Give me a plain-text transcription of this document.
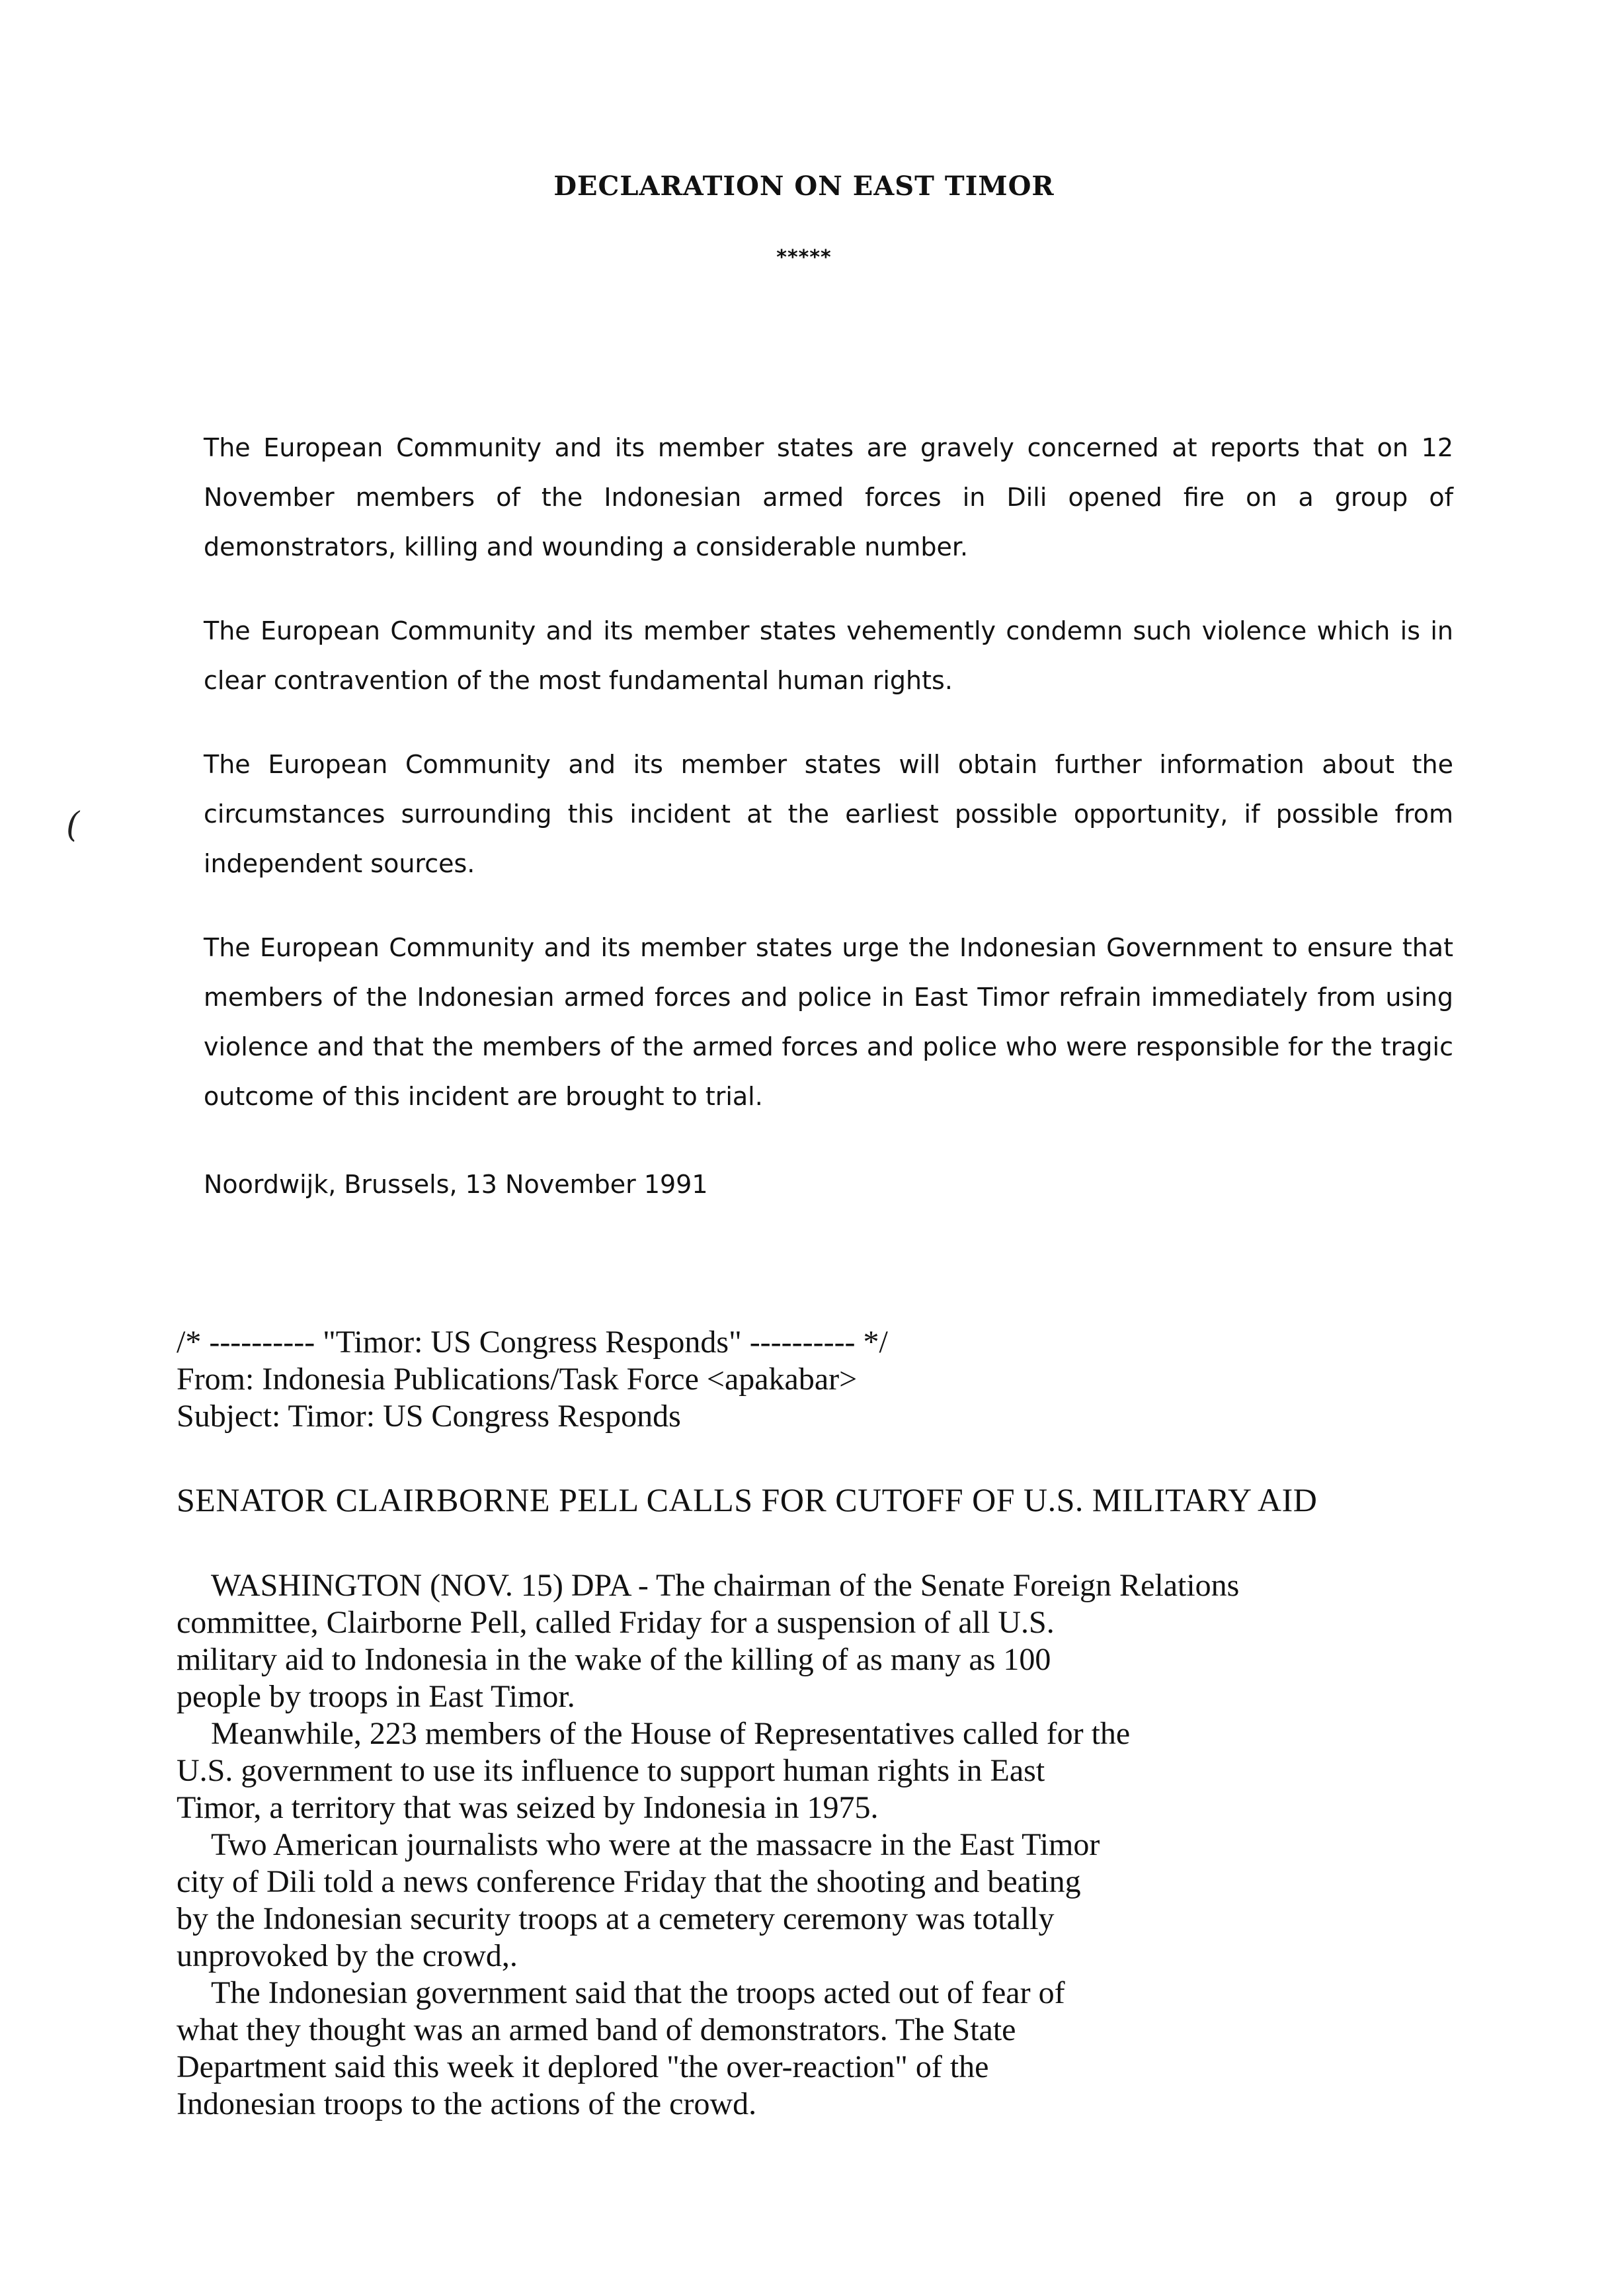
DECLARATION ON EAST TIMOR
*****

The European Community and its member states are gravely concerned at reports that on 12 November members of the Indonesian armed forces in Dili opened fire on a group of demonstrators, killing and wounding a considerable number.

The European Community and its member states vehemently condemn such violence which is in clear contravention of the most fundamental human rights.

The European Community and its member states will obtain further information about the circumstances surrounding this incident at the earliest possible opportunity, if possible from independent sources.

The European Community and its member states urge the Indonesian Government to ensure that members of the Indonesian armed forces and police in East Timor refrain immediately from using violence and that the members of the armed forces and police who were responsible for the tragic outcome of this incident are brought to trial.

Noordwijk, Brussels, 13 November 1991

(

/* ---------- "Timor: US Congress Responds" ---------- */

From: Indonesia Publications/Task Force <apakabar>

Subject: Timor: US Congress Responds

SENATOR CLAIRBORNE PELL CALLS FOR CUTOFF OF U.S. MILITARY AID

WASHINGTON (NOV. 15) DPA - The chairman of the Senate Foreign Relations
committee, Clairborne Pell, called Friday for a suspension of all U.S.
military aid to Indonesia in the wake of the killing of as many as 100
people by troops in East Timor.

Meanwhile, 223 members of the House of Representatives called for the
U.S. government to use its influence to support human rights in East
Timor, a territory that was seized by Indonesia in 1975.

Two American journalists who were at the massacre in the East Timor
city of Dili told a news conference Friday that the shooting and beating
by the Indonesian security troops at a cemetery ceremony was totally
unprovoked by the crowd,.

The Indonesian government said that the troops acted out of fear of
what they thought was an armed band of demonstrators. The State
Department said this week it deplored "the over-reaction" of the
Indonesian troops to the actions of the crowd.
